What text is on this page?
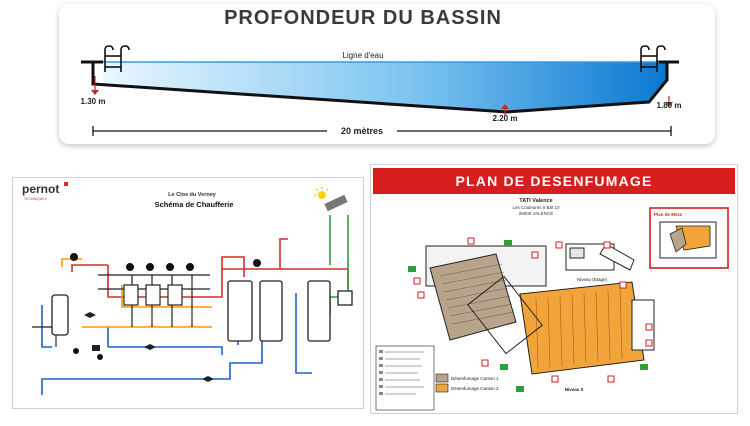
PROFONDEUR DU BASSIN
Ligne d'eau
1.30 m
2.20 m
1.80 m
20 mètres
pernot
TECHNIQUES
Le Clos du Verney
Schéma de Chaufferie
PLAN DE DESENFUMAGE
TATI Valence
Les Couleures II Bât 10
26000 VALENCE
Niveau (Etage)
Plan de Mezz
Niveau 0
Désenfumage Canton 1
Désenfumage Canton 2
